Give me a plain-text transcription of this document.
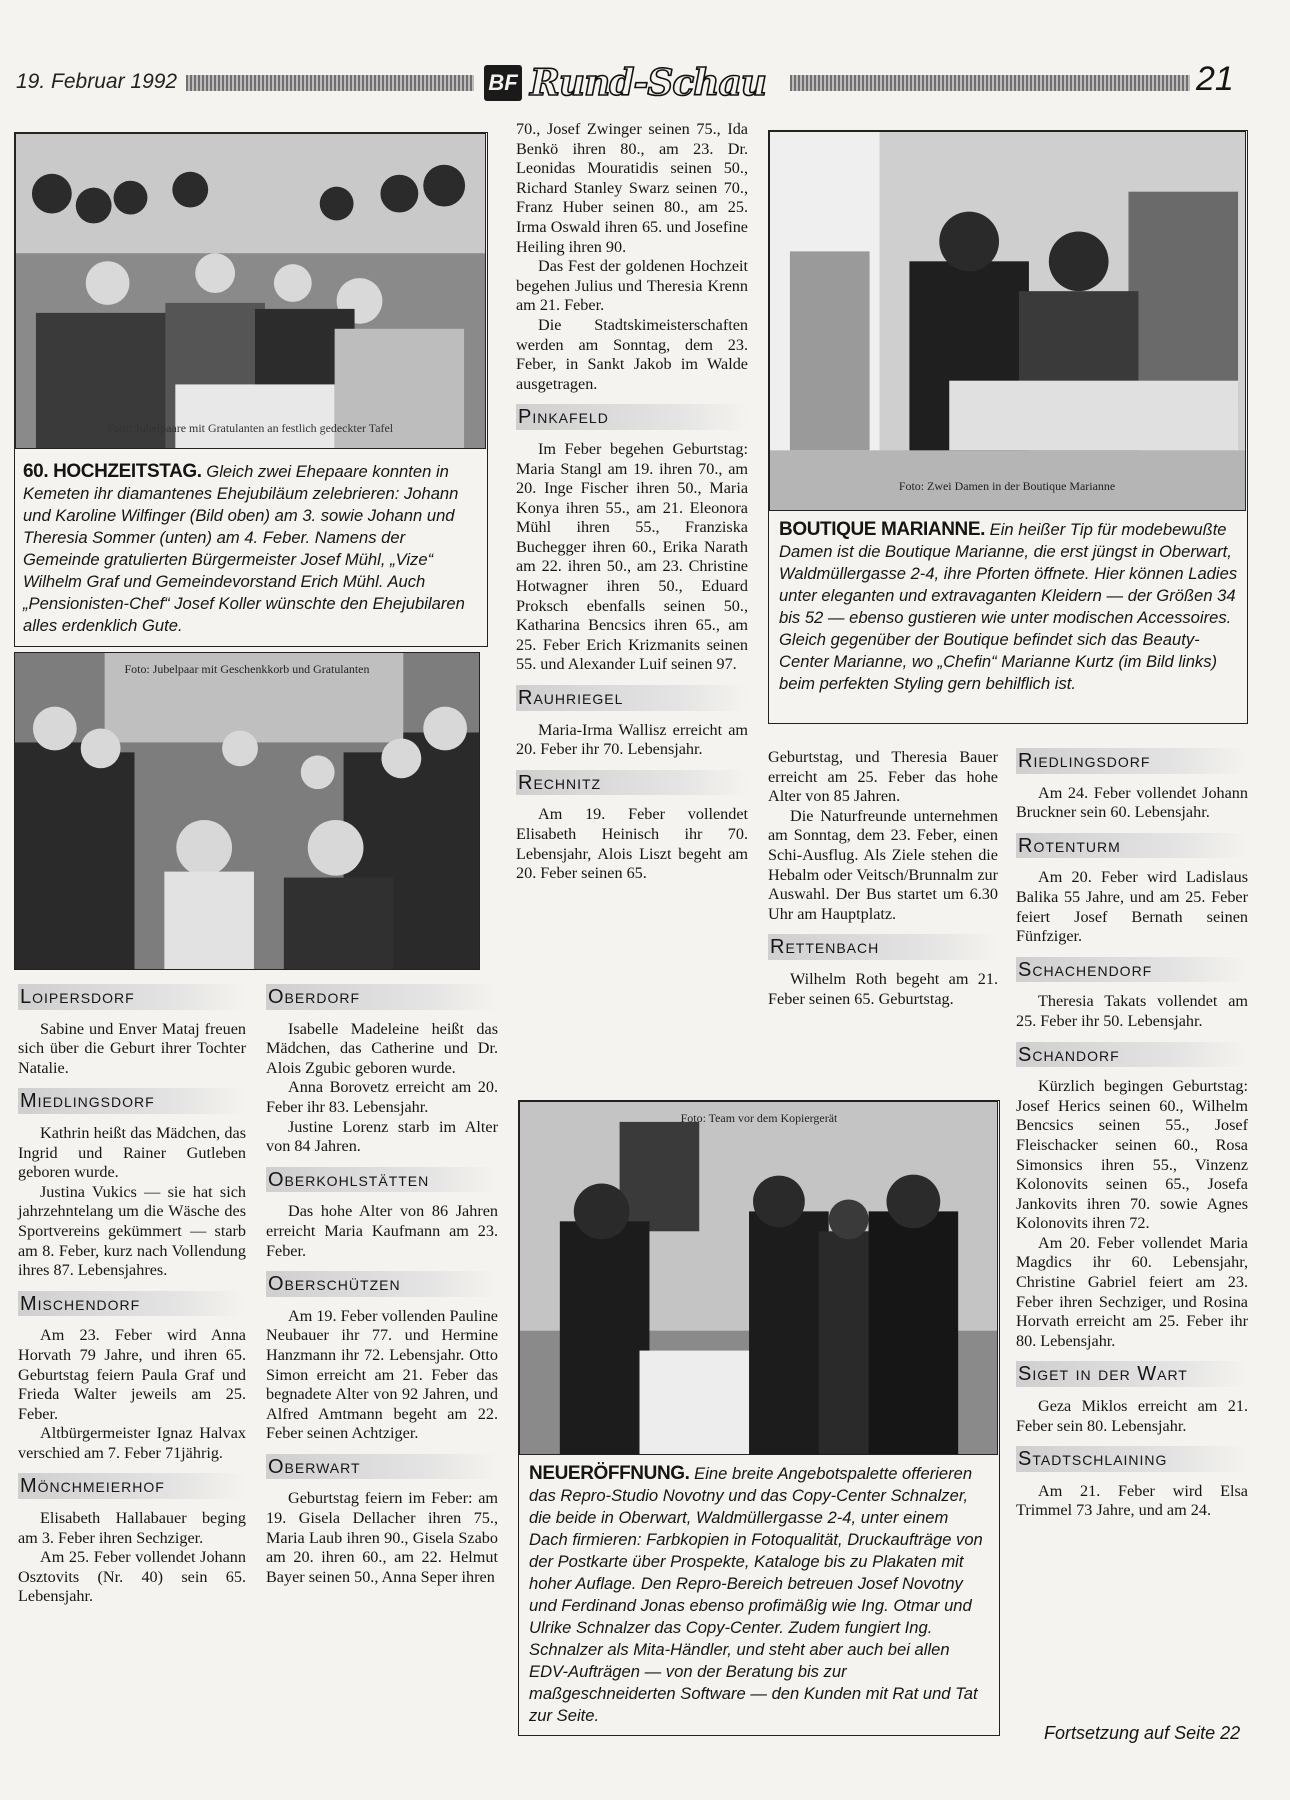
19. Februar 1992	BF Rund-Schau	21
Foto: Jubelpaare mit Gratulanten an festlich gedeckter Tafel
60. HOCHZEITSTAG. Gleich zwei Ehepaare konnten in Kemeten ihr diamantenes Ehejubiläum zelebrieren: Johann und Karoline Wilfinger (Bild oben) am 3. sowie Johann und Theresia Sommer (unten) am 4. Feber. Namens der Gemeinde gratulierten Bürgermeister Josef Mühl, „Vize“ Wilhelm Graf und Gemeindevorstand Erich Mühl. Auch „Pensionisten-Chef“ Josef Koller wünschte den Ehejubilaren alles erdenklich Gute.
Foto: Jubelpaar mit Geschenkkorb und Gratulanten
Loipersdorf

Sabine und Enver Mataj freuen sich über die Geburt ihrer Tochter Natalie.

Miedlingsdorf

Kathrin heißt das Mädchen, das Ingrid und Rainer Gutleben geboren wurde.

Justina Vukics — sie hat sich jahrzehntelang um die Wäsche des Sportvereins gekümmert — starb am 8. Feber, kurz nach Vollendung ihres 87. Lebensjahres.

Mischendorf

Am 23. Feber wird Anna Horvath 79 Jahre, und ihren 65. Geburtstag feiern Paula Graf und Frieda Walter jeweils am 25. Feber.

Altbürgermeister Ignaz Halvax verschied am 7. Feber 71jährig.

Mönchmeierhof

Elisabeth Hallabauer beging am 3. Feber ihren Sechziger.

Am 25. Feber vollendet Johann Osztovits (Nr. 40) sein 65. Lebensjahr.

Oberdorf

Isabelle Madeleine heißt das Mädchen, das Catherine und Dr. Alois Zgubic geboren wurde.

Anna Borovetz erreicht am 20. Feber ihr 83. Lebensjahr.

Justine Lorenz starb im Alter von 84 Jahren.

Oberkohlstätten

Das hohe Alter von 86 Jahren erreicht Maria Kaufmann am 23. Feber.

Oberschützen

Am 19. Feber vollenden Pauline Neubauer ihr 77. und Hermine Hanzmann ihr 72. Lebensjahr. Otto Simon erreicht am 21. Feber das begnadete Alter von 92 Jahren, und Alfred Amtmann begeht am 22. Feber seinen Achtziger.

Oberwart

Geburtstag feiern im Feber: am 19. Gisela Dellacher ihren 75., Maria Laub ihren 90., Gisela Szabo am 20. ihren 60., am 22. Helmut Bayer seinen 50., Anna Seper ihren

70., Josef Zwinger seinen 75., Ida Benkö ihren 80., am 23. Dr. Leonidas Mouratidis seinen 50., Richard Stanley Swarz seinen 70., Franz Huber seinen 80., am 25. Irma Oswald ihren 65. und Josefine Heiling ihren 90.

Das Fest der goldenen Hochzeit begehen Julius und Theresia Krenn am 21. Feber.

Die Stadtskimeisterschaften werden am Sonntag, dem 23. Feber, in Sankt Jakob im Walde ausgetragen.

Pinkafeld

Im Feber begehen Geburtstag: Maria Stangl am 19. ihren 70., am 20. Inge Fischer ihren 50., Maria Konya ihren 55., am 21. Eleonora Mühl ihren 55., Franziska Buchegger ihren 60., Erika Narath am 22. ihren 50., am 23. Christine Hotwagner ihren 50., Eduard Proksch ebenfalls seinen 50., Katharina Bencsics ihren 65., am 25. Feber Erich Krizmanits seinen 55. und Alexander Luif seinen 97.

Rauhriegel

Maria-Irma Wallisz erreicht am 20. Feber ihr 70. Lebensjahr.

Rechnitz

Am 19. Feber vollendet Elisabeth Heinisch ihr 70. Lebensjahr, Alois Liszt begeht am 20. Feber seinen 65.

Foto: Zwei Damen in der Boutique Marianne
BOUTIQUE MARIANNE. Ein heißer Tip für modebewußte Damen ist die Boutique Marianne, die erst jüngst in Oberwart, Waldmüllergasse 2-4, ihre Pforten öffnete. Hier können Ladies unter eleganten und extravaganten Kleidern — der Größen 34 bis 52 — ebenso gustieren wie unter modischen Accessoires. Gleich gegenüber der Boutique befindet sich das Beauty-Center Marianne, wo „Chefin“ Marianne Kurtz (im Bild links) beim perfekten Styling gern behilflich ist.

Geburtstag, und Theresia Bauer erreicht am 25. Feber das hohe Alter von 85 Jahren.

Die Naturfreunde unternehmen am Sonntag, dem 23. Feber, einen Schi-Ausflug. Als Ziele stehen die Hebalm oder Veitsch/Brunnalm zur Auswahl. Der Bus startet um 6.30 Uhr am Hauptplatz.

Rettenbach

Wilhelm Roth begeht am 21. Feber seinen 65. Geburtstag.

Foto: Team vor dem Kopiergerät
NEUERÖFFNUNG. Eine breite Angebotspalette offerieren das Repro-Studio Novotny und das Copy-Center Schnalzer, die beide in Oberwart, Waldmüllergasse 2-4, unter einem Dach firmieren: Farbkopien in Fotoqualität, Druckaufträge von der Postkarte über Prospekte, Kataloge bis zu Plakaten mit hoher Auflage. Den Repro-Bereich betreuen Josef Novotny und Ferdinand Jonas ebenso profimäßig wie Ing. Otmar und Ulrike Schnalzer das Copy-Center. Zudem fungiert Ing. Schnalzer als Mita-Händler, und steht aber auch bei allen EDV-Aufträgen — von der Beratung bis zur maßgeschneiderten Software — den Kunden mit Rat und Tat zur Seite.
Riedlingsdorf

Am 24. Feber vollendet Johann Bruckner sein 60. Lebensjahr.

Rotenturm

Am 20. Feber wird Ladislaus Balika 55 Jahre, und am 25. Feber feiert Josef Bernath seinen Fünfziger.

Schachendorf

Theresia Takats vollendet am 25. Feber ihr 50. Lebensjahr.

Schandorf

Kürzlich begingen Geburtstag: Josef Herics seinen 60., Wilhelm Bencsics seinen 55., Josef Fleischacker seinen 60., Rosa Simonsics ihren 55., Vinzenz Kolonovits seinen 65., Josefa Jankovits ihren 70. sowie Agnes Kolonovits ihren 72.

Am 20. Feber vollendet Maria Magdics ihr 60. Lebensjahr, Christine Gabriel feiert am 23. Feber ihren Sechziger, und Rosina Horvath erreicht am 25. Feber ihr 80. Lebensjahr.

Siget in der Wart

Geza Miklos erreicht am 21. Feber sein 80. Lebensjahr.

Stadtschlaining

Am 21. Feber wird Elsa Trimmel 73 Jahre, und am 24.

Fortsetzung auf Seite 22
